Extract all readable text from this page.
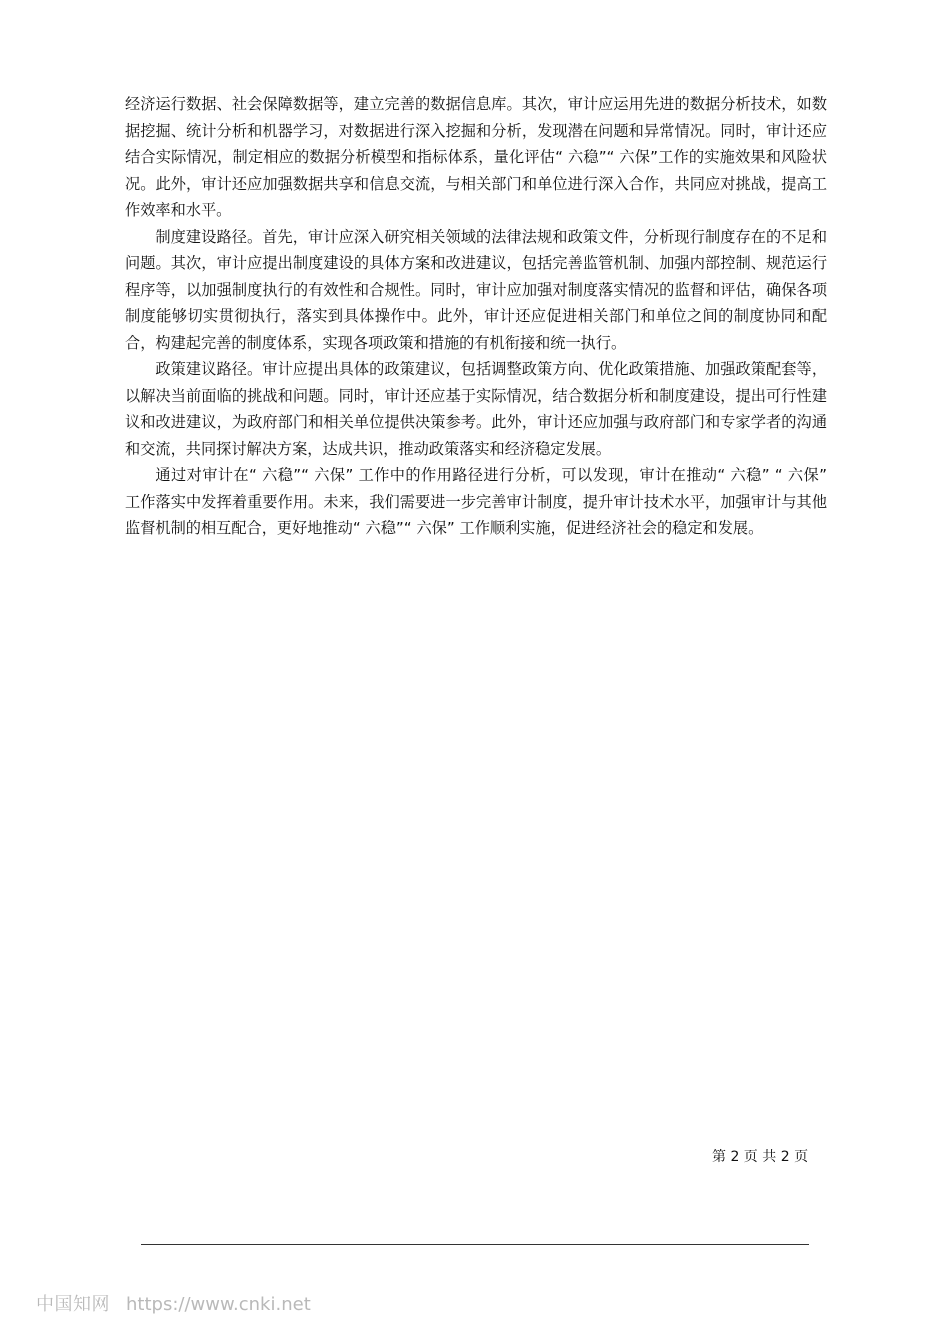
经济运行数据、社会保障数据等，建立完善的数据信息库。其次，审计应运用先进的数据分析技术，如数据挖掘、统计分析和机器学习，对数据进行深入挖掘和分析，发现潜在问题和异常情况。同时，审计还应结合实际情况，制定相应的数据分析模型和指标体系，量化评估“ 六稳”“ 六保”工作的实施效果和风险状况。此外，审计还应加强数据共享和信息交流，与相关部门和单位进行深入合作，共同应对挑战，提高工作效率和水平。

制度建设路径。首先，审计应深入研究相关领域的法律法规和政策文件，分析现行制度存在的不足和问题。其次，审计应提出制度建设的具体方案和改进建议，包括完善监管机制、加强内部控制、规范运行程序等，以加强制度执行的有效性和合规性。同时，审计应加强对制度落实情况的监督和评估，确保各项制度能够切实贯彻执行，落实到具体操作中。此外，审计还应促进相关部门和单位之间的制度协同和配合，构建起完善的制度体系，实现各项政策和措施的有机衔接和统一执行。

政策建议路径。审计应提出具体的政策建议，包括调整政策方向、优化政策措施、加强政策配套等，以解决当前面临的挑战和问题。同时，审计还应基于实际情况，结合数据分析和制度建设，提出可行性建议和改进建议，为政府部门和相关单位提供决策参考。此外，审计还应加强与政府部门和专家学者的沟通和交流，共同探讨解决方案，达成共识，推动政策落实和经济稳定发展。

通过对审计在“ 六稳”“ 六保” 工作中的作用路径进行分析，可以发现，审计在推动“ 六稳” “ 六保” 工作落实中发挥着重要作用。未来，我们需要进一步完善审计制度，提升审计技术水平，加强审计与其他监督机制的相互配合，更好地推动“ 六稳”“ 六保” 工作顺利实施，促进经济社会的稳定和发展。

第 2 页 共 2 页
中国知网 https://www.cnki.net
